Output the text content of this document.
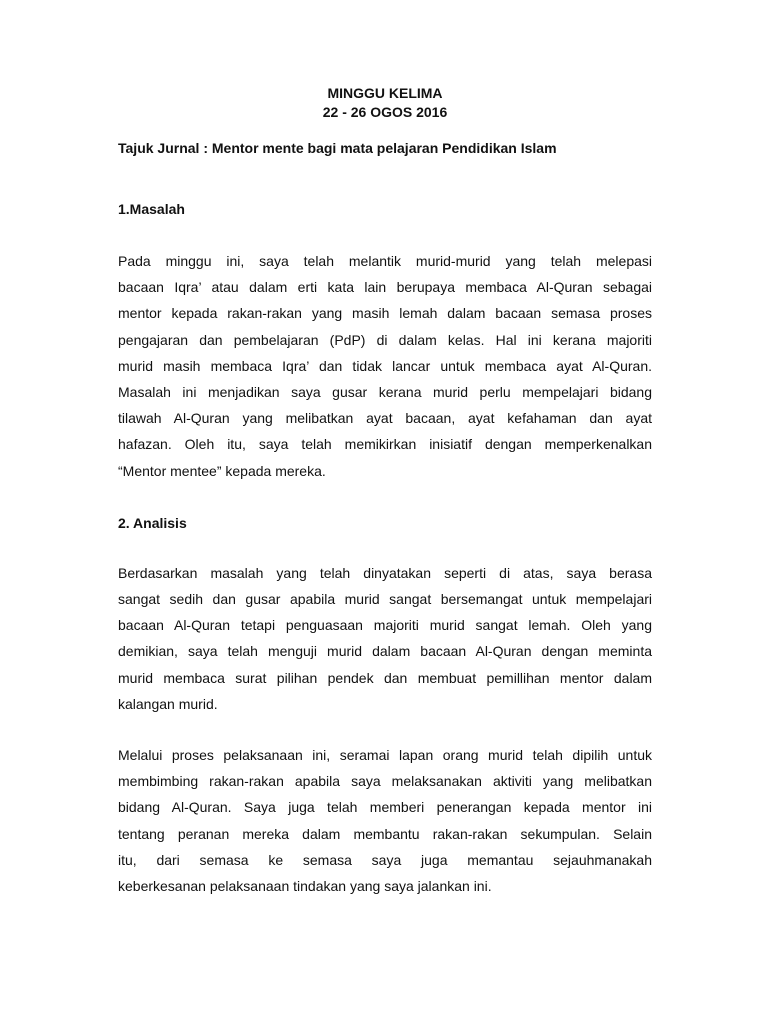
MINGGU KELIMA
22 - 26 OGOS 2016
Tajuk Jurnal : Mentor mente bagi mata pelajaran Pendidikan Islam
1.Masalah

Pada minggu ini, saya telah melantik murid-murid yang telah melepasi
bacaan Iqra’ atau dalam erti kata lain berupaya membaca Al-Quran sebagai
mentor kepada rakan-rakan yang masih lemah dalam bacaan semasa proses
pengajaran dan pembelajaran (PdP) di dalam kelas. Hal ini kerana majoriti
murid masih membaca Iqra’ dan tidak lancar untuk membaca ayat Al-Quran.
Masalah ini menjadikan saya gusar kerana murid perlu mempelajari bidang
tilawah Al-Quran yang melibatkan ayat bacaan, ayat kefahaman dan ayat
hafazan. Oleh itu, saya telah memikirkan inisiatif dengan memperkenalkan
“Mentor mentee” kepada mereka.

2. Analisis

Berdasarkan masalah yang telah dinyatakan seperti di atas, saya berasa
sangat sedih dan gusar apabila murid sangat bersemangat untuk mempelajari
bacaan Al-Quran tetapi penguasaan majoriti murid sangat lemah. Oleh yang
demikian, saya telah menguji murid dalam bacaan Al-Quran dengan meminta
murid membaca surat pilihan pendek dan membuat pemillihan mentor dalam
kalangan murid.

Melalui proses pelaksanaan ini, seramai lapan orang murid telah dipilih untuk
membimbing rakan-rakan apabila saya melaksanakan aktiviti yang melibatkan
bidang Al-Quran. Saya juga telah memberi penerangan kepada mentor ini
tentang peranan mereka dalam membantu rakan-rakan sekumpulan. Selain
itu, dari semasa ke semasa saya juga memantau sejauhmanakah
keberkesanan pelaksanaan tindakan yang saya jalankan ini.
